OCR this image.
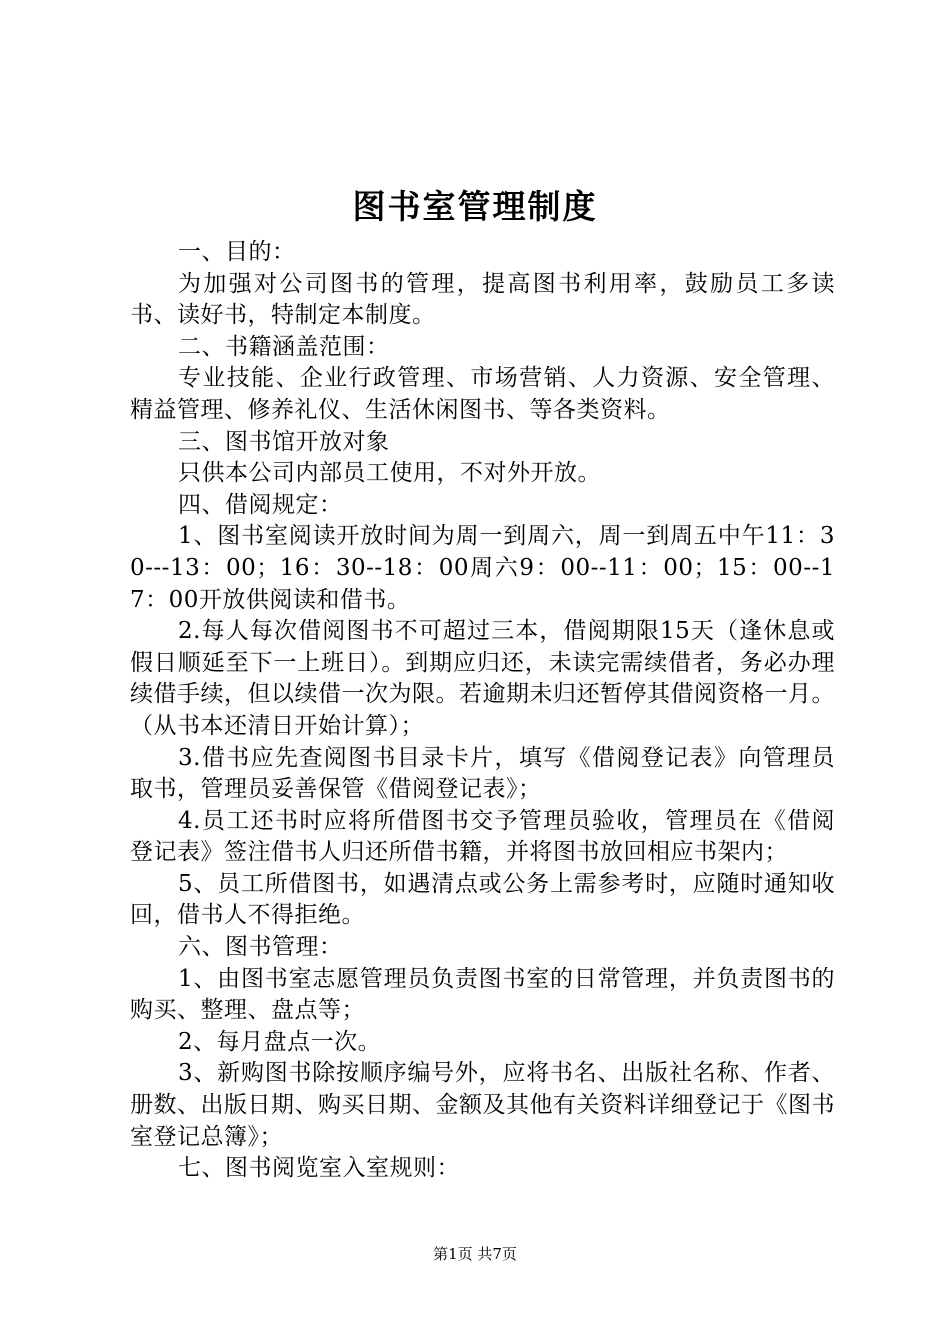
图书室管理制度

一、目的：

为加强对公司图书的管理，提高图书利用率，鼓励员工多读书、读好书，特制定本制度。

二、书籍涵盖范围：

专业技能、企业行政管理、市场营销、人力资源、安全管理、精益管理、修养礼仪、生活休闲图书、等各类资料。

三、图书馆开放对象

只供本公司内部员工使用，不对外开放。

四、借阅规定：

1、图书室阅读开放时间为周一到周六，周一到周五中午11：30---13：00；16：30--18：00周六9：00--11：00；15：00--17：00开放供阅读和借书。

2.每人每次借阅图书不可超过三本，借阅期限15天（逢休息或假日顺延至下一上班日）。到期应归还，未读完需续借者，务必办理续借手续，但以续借一次为限。若逾期未归还暂停其借阅资格一月。（从书本还清日开始计算）；

3.借书应先查阅图书目录卡片，填写《借阅登记表》向管理员取书，管理员妥善保管《借阅登记表》；

4.员工还书时应将所借图书交予管理员验收，管理员在《借阅登记表》签注借书人归还所借书籍，并将图书放回相应书架内；

5、员工所借图书，如遇清点或公务上需参考时，应随时通知收回，借书人不得拒绝。

六、图书管理：

1、由图书室志愿管理员负责图书室的日常管理，并负责图书的购买、整理、盘点等；

2、每月盘点一次。

3、新购图书除按顺序编号外，应将书名、出版社名称、作者、册数、出版日期、购买日期、金额及其他有关资料详细登记于《图书室登记总簿》；

七、图书阅览室入室规则：

第1页 共7页
